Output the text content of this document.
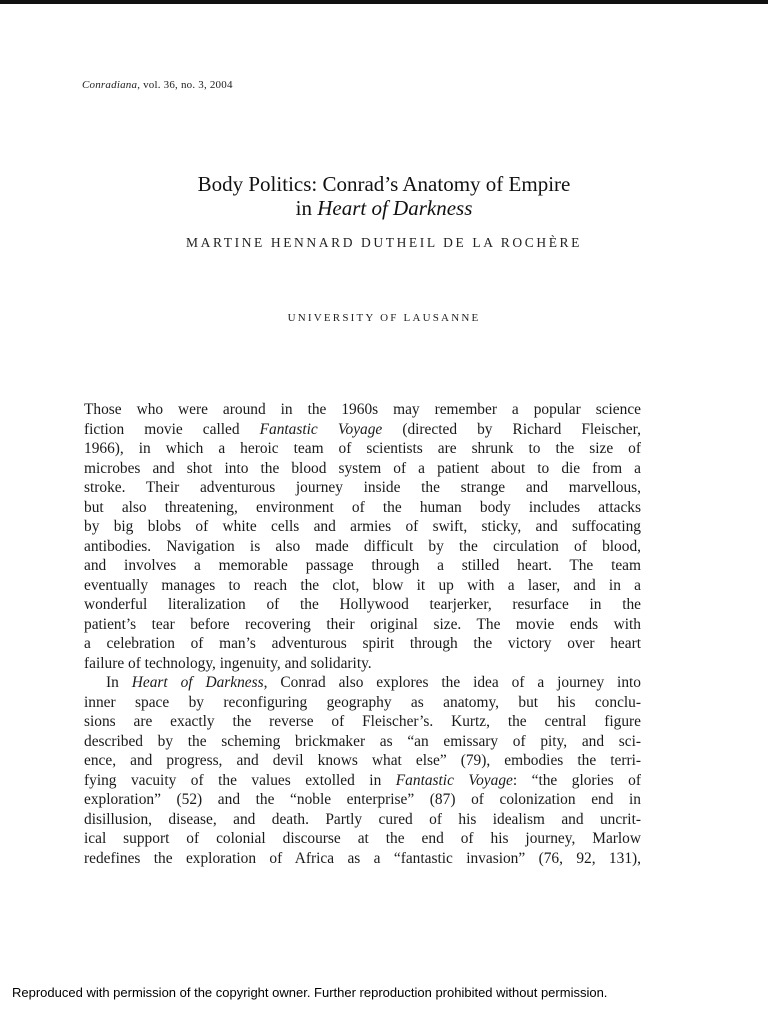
Conradiana, vol. 36, no. 3, 2004
Body Politics: Conrad’s Anatomy of Empire
in Heart of Darkness
MARTINE HENNARD DUTHEIL DE LA ROCHÈRE
UNIVERSITY OF LAUSANNE
Those who were around in the 1960s may remember a popular science
fiction movie called Fantastic Voyage (directed by Richard Fleischer,
1966), in which a heroic team of scientists are shrunk to the size of
microbes and shot into the blood system of a patient about to die from a
stroke. Their adventurous journey inside the strange and marvellous,
but also threatening, environment of the human body includes attacks
by big blobs of white cells and armies of swift, sticky, and suffocating
antibodies. Navigation is also made difficult by the circulation of blood,
and involves a memorable passage through a stilled heart. The team
eventually manages to reach the clot, blow it up with a laser, and in a
wonderful literalization of the Hollywood tearjerker, resurface in the
patient’s tear before recovering their original size. The movie ends with
a celebration of man’s adventurous spirit through the victory over heart
failure of technology, ingenuity, and solidarity.
In Heart of Darkness, Conrad also explores the idea of a journey into
inner space by reconfiguring geography as anatomy, but his conclu-
sions are exactly the reverse of Fleischer’s. Kurtz, the central figure
described by the scheming brickmaker as “an emissary of pity, and sci-
ence, and progress, and devil knows what else” (79), embodies the terri-
fying vacuity of the values extolled in Fantastic Voyage: “the glories of
exploration” (52) and the “noble enterprise” (87) of colonization end in
disillusion, disease, and death. Partly cured of his idealism and uncrit-
ical support of colonial discourse at the end of his journey, Marlow
redefines the exploration of Africa as a “fantastic invasion” (76, 92, 131),
Reproduced with permission of the copyright owner. Further reproduction prohibited without permission.
